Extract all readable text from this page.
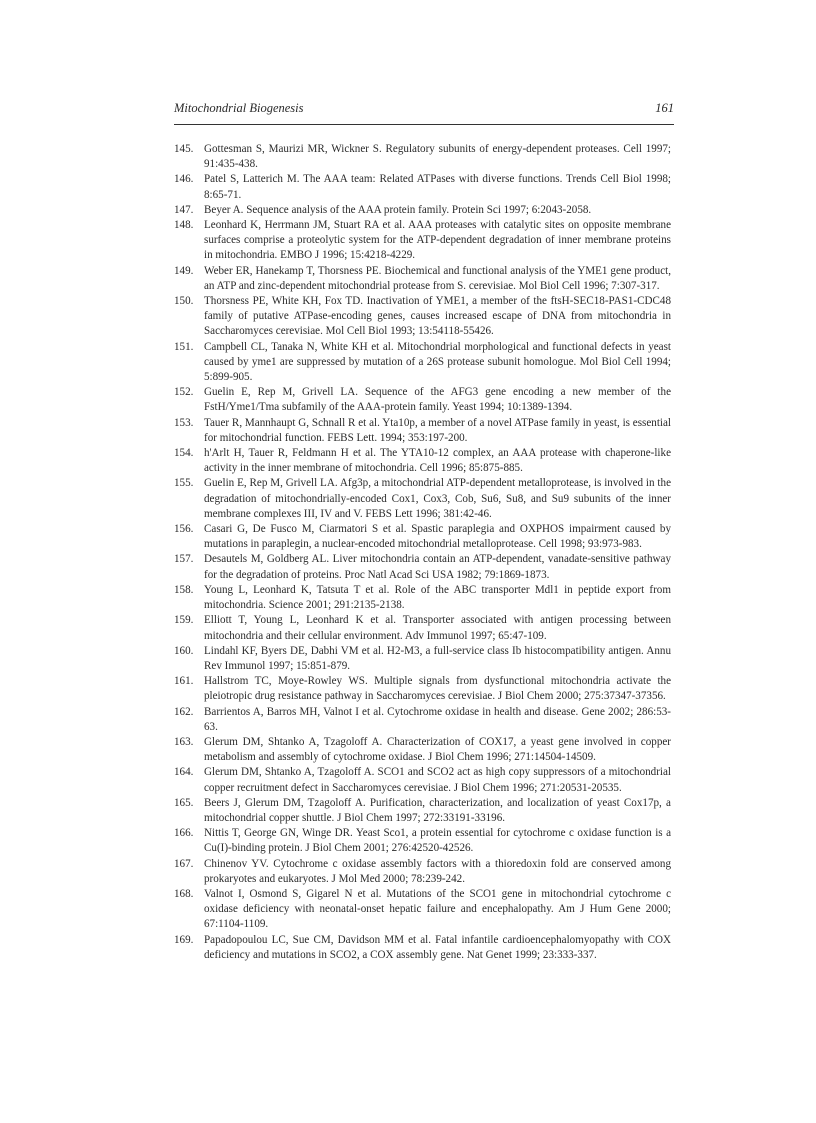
Mitochondrial Biogenesis	161
145. Gottesman S, Maurizi MR, Wickner S. Regulatory subunits of energy-dependent proteases. Cell 1997; 91:435-438.
146. Patel S, Latterich M. The AAA team: Related ATPases with diverse functions. Trends Cell Biol 1998; 8:65-71.
147. Beyer A. Sequence analysis of the AAA protein family. Protein Sci 1997; 6:2043-2058.
148. Leonhard K, Herrmann JM, Stuart RA et al. AAA proteases with catalytic sites on opposite membrane surfaces comprise a proteolytic system for the ATP-dependent degradation of inner membrane proteins in mitochondria. EMBO J 1996; 15:4218-4229.
149. Weber ER, Hanekamp T, Thorsness PE. Biochemical and functional analysis of the YME1 gene product, an ATP and zinc-dependent mitochondrial protease from S. cerevisiae. Mol Biol Cell 1996; 7:307-317.
150. Thorsness PE, White KH, Fox TD. Inactivation of YME1, a member of the ftsH-SEC18-PAS1-CDC48 family of putative ATPase-encoding genes, causes increased escape of DNA from mitochondria in Saccharomyces cerevisiae. Mol Cell Biol 1993; 13:54118-55426.
151. Campbell CL, Tanaka N, White KH et al. Mitochondrial morphological and functional defects in yeast caused by yme1 are suppressed by mutation of a 26S protease subunit homologue. Mol Biol Cell 1994; 5:899-905.
152. Guelin E, Rep M, Grivell LA. Sequence of the AFG3 gene encoding a new member of the FstH/Yme1/Tma subfamily of the AAA-protein family. Yeast 1994; 10:1389-1394.
153. Tauer R, Mannhaupt G, Schnall R et al. Yta10p, a member of a novel ATPase family in yeast, is essential for mitochondrial function. FEBS Lett. 1994; 353:197-200.
154. h'Arlt H, Tauer R, Feldmann H et al. The YTA10-12 complex, an AAA protease with chaperone-like activity in the inner membrane of mitochondria. Cell 1996; 85:875-885.
155. Guelin E, Rep M, Grivell LA. Afg3p, a mitochondrial ATP-dependent metalloprotease, is involved in the degradation of mitochondrially-encoded Cox1, Cox3, Cob, Su6, Su8, and Su9 subunits of the inner membrane complexes III, IV and V. FEBS Lett 1996; 381:42-46.
156. Casari G, De Fusco M, Ciarmatori S et al. Spastic paraplegia and OXPHOS impairment caused by mutations in paraplegin, a nuclear-encoded mitochondrial metalloprotease. Cell 1998; 93:973-983.
157. Desautels M, Goldberg AL. Liver mitochondria contain an ATP-dependent, vanadate-sensitive pathway for the degradation of proteins. Proc Natl Acad Sci USA 1982; 79:1869-1873.
158. Young L, Leonhard K, Tatsuta T et al. Role of the ABC transporter Mdl1 in peptide export from mitochondria. Science 2001; 291:2135-2138.
159. Elliott T, Young L, Leonhard K et al. Transporter associated with antigen processing between mitochondria and their cellular environment. Adv Immunol 1997; 65:47-109.
160. Lindahl KF, Byers DE, Dabhi VM et al. H2-M3, a full-service class Ib histocompatibility antigen. Annu Rev Immunol 1997; 15:851-879.
161. Hallstrom TC, Moye-Rowley WS. Multiple signals from dysfunctional mitochondria activate the pleiotropic drug resistance pathway in Saccharomyces cerevisiae. J Biol Chem 2000; 275:37347-37356.
162. Barrientos A, Barros MH, Valnot I et al. Cytochrome oxidase in health and disease. Gene 2002; 286:53-63.
163. Glerum DM, Shtanko A, Tzagoloff A. Characterization of COX17, a yeast gene involved in copper metabolism and assembly of cytochrome oxidase. J Biol Chem 1996; 271:14504-14509.
164. Glerum DM, Shtanko A, Tzagoloff A. SCO1 and SCO2 act as high copy suppressors of a mitochondrial copper recruitment defect in Saccharomyces cerevisiae. J Biol Chem 1996; 271:20531-20535.
165. Beers J, Glerum DM, Tzagoloff A. Purification, characterization, and localization of yeast Cox17p, a mitochondrial copper shuttle. J Biol Chem 1997; 272:33191-33196.
166. Nittis T, George GN, Winge DR. Yeast Sco1, a protein essential for cytochrome c oxidase function is a Cu(I)-binding protein. J Biol Chem 2001; 276:42520-42526.
167. Chinenov YV. Cytochrome c oxidase assembly factors with a thioredoxin fold are conserved among prokaryotes and eukaryotes. J Mol Med 2000; 78:239-242.
168. Valnot I, Osmond S, Gigarel N et al. Mutations of the SCO1 gene in mitochondrial cytochrome c oxidase deficiency with neonatal-onset hepatic failure and encephalopathy. Am J Hum Gene 2000; 67:1104-1109.
169. Papadopoulou LC, Sue CM, Davidson MM et al. Fatal infantile cardioencephalomyopathy with COX deficiency and mutations in SCO2, a COX assembly gene. Nat Genet 1999; 23:333-337.
